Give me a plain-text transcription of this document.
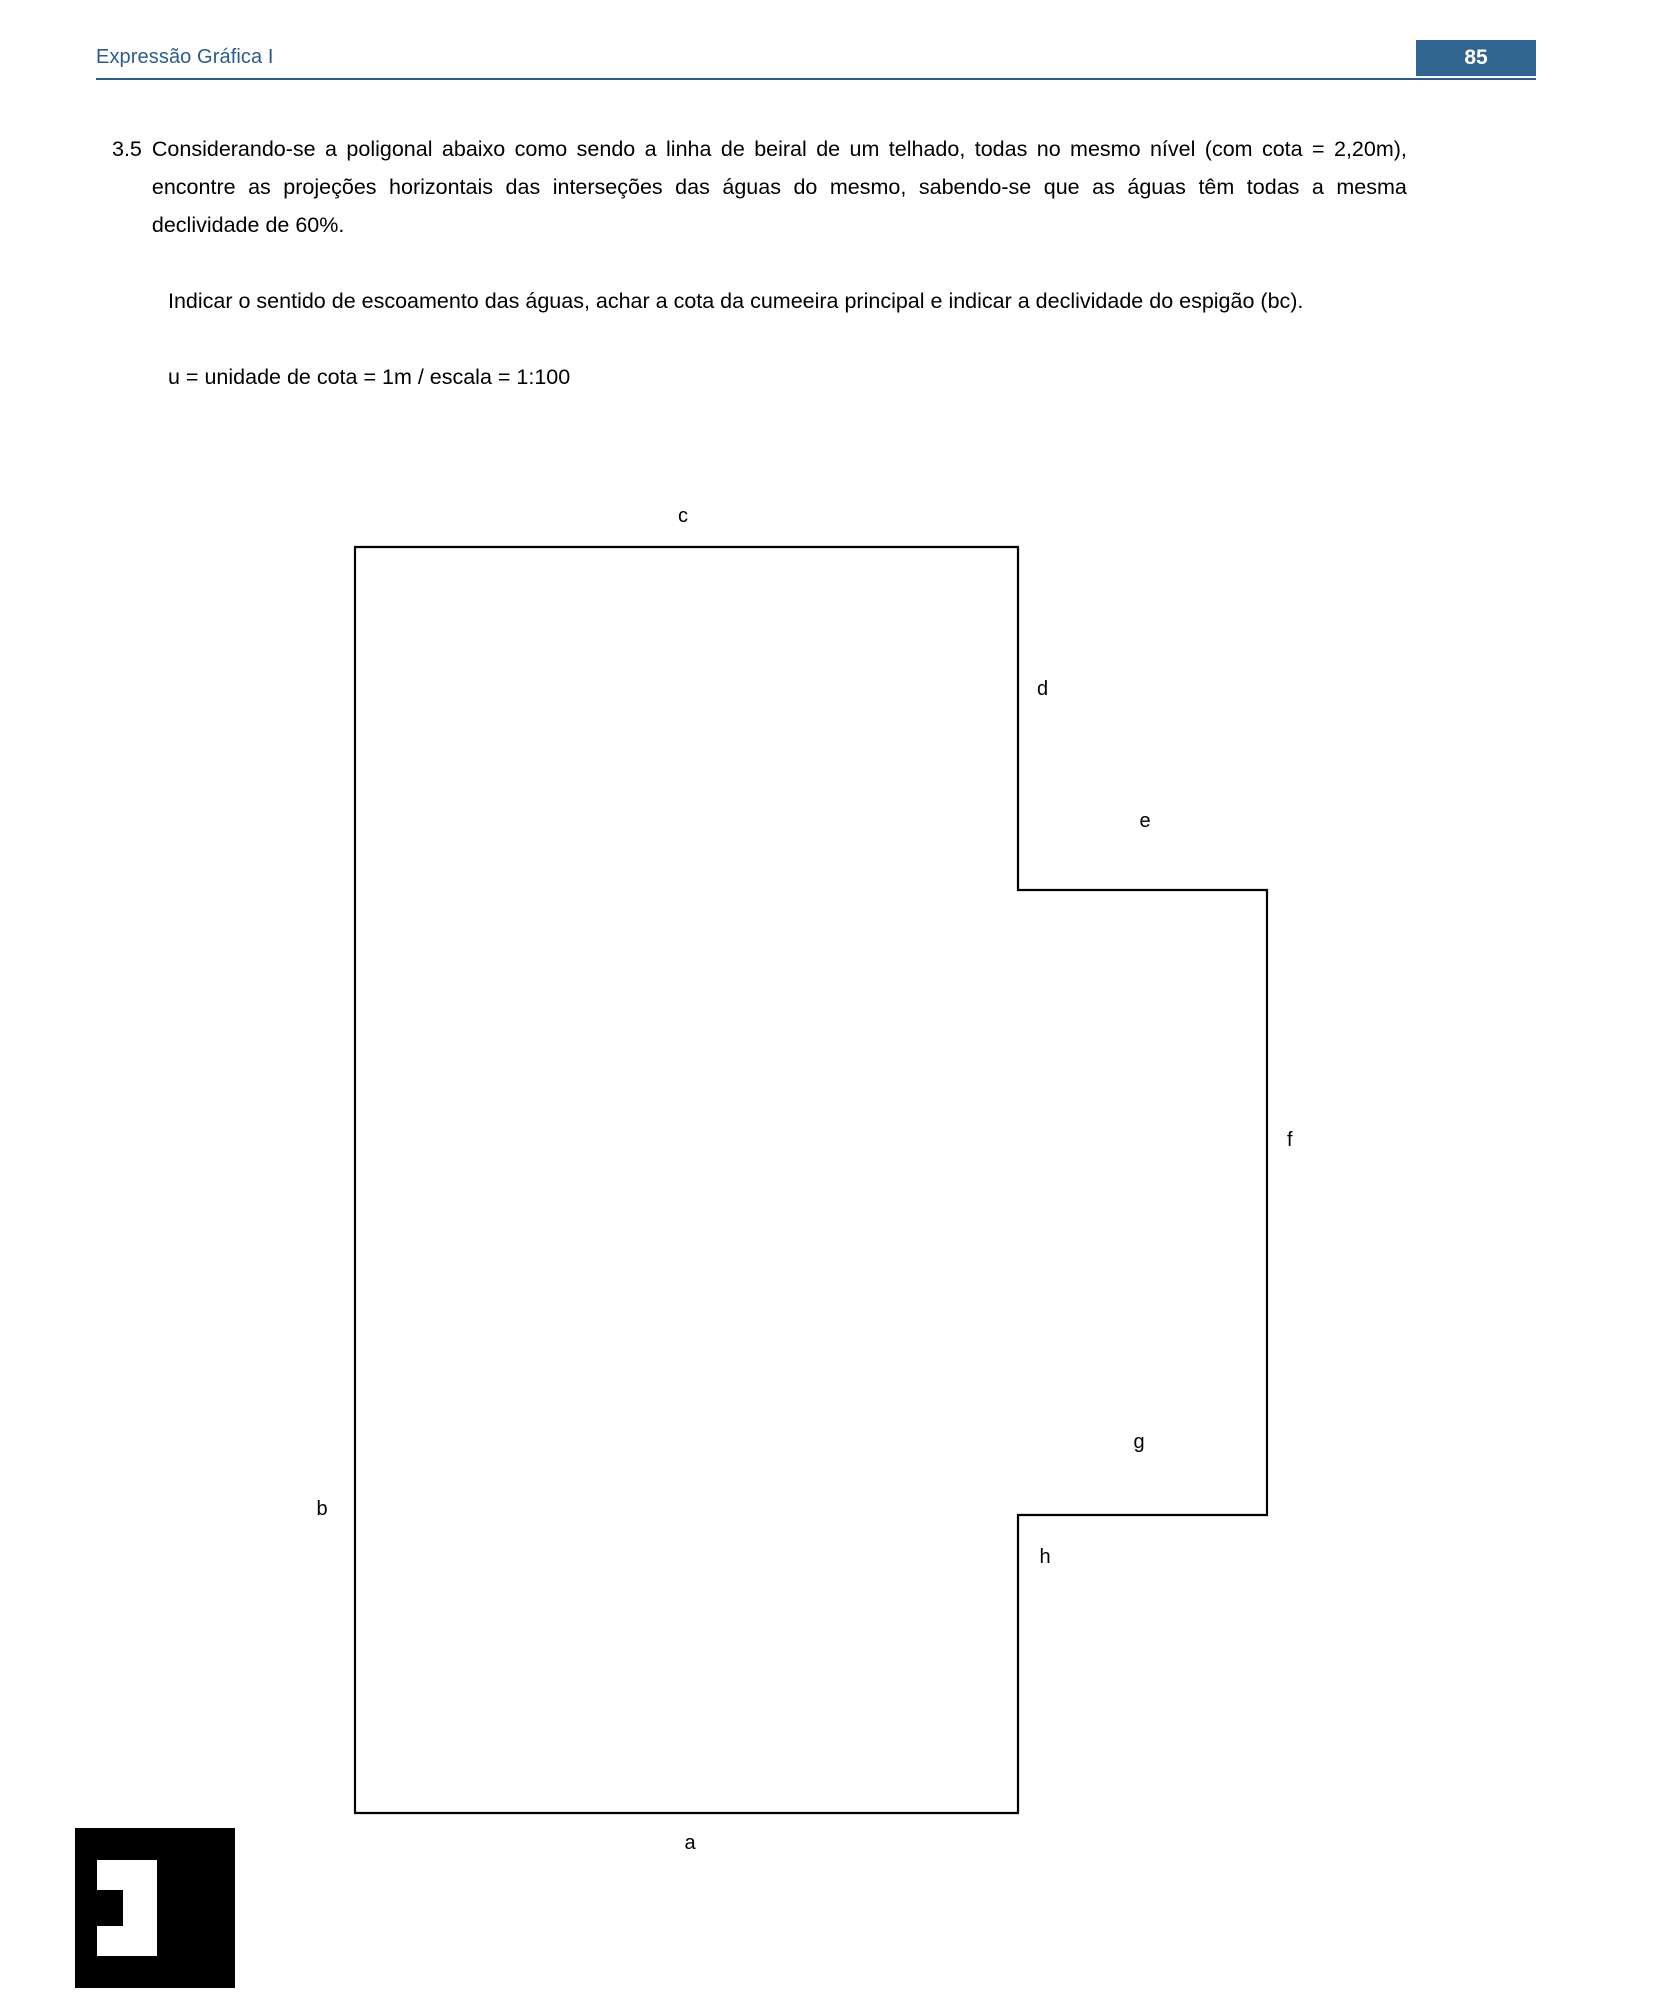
Expressão Gráfica I	85
3.5 Considerando-se a poligonal abaixo como sendo a linha de beiral de um telhado, todas no mesmo nível (com cota = 2,20m), encontre as projeções horizontais das interseções das águas do mesmo, sabendo-se que as águas têm todas a mesma declividade de 60%.
Indicar o sentido de escoamento das águas, achar a cota da cumeeira principal e indicar a declividade do espigão (bc).
u = unidade de cota = 1m / escala = 1:100
c
d
e
f
g
h
b
a
